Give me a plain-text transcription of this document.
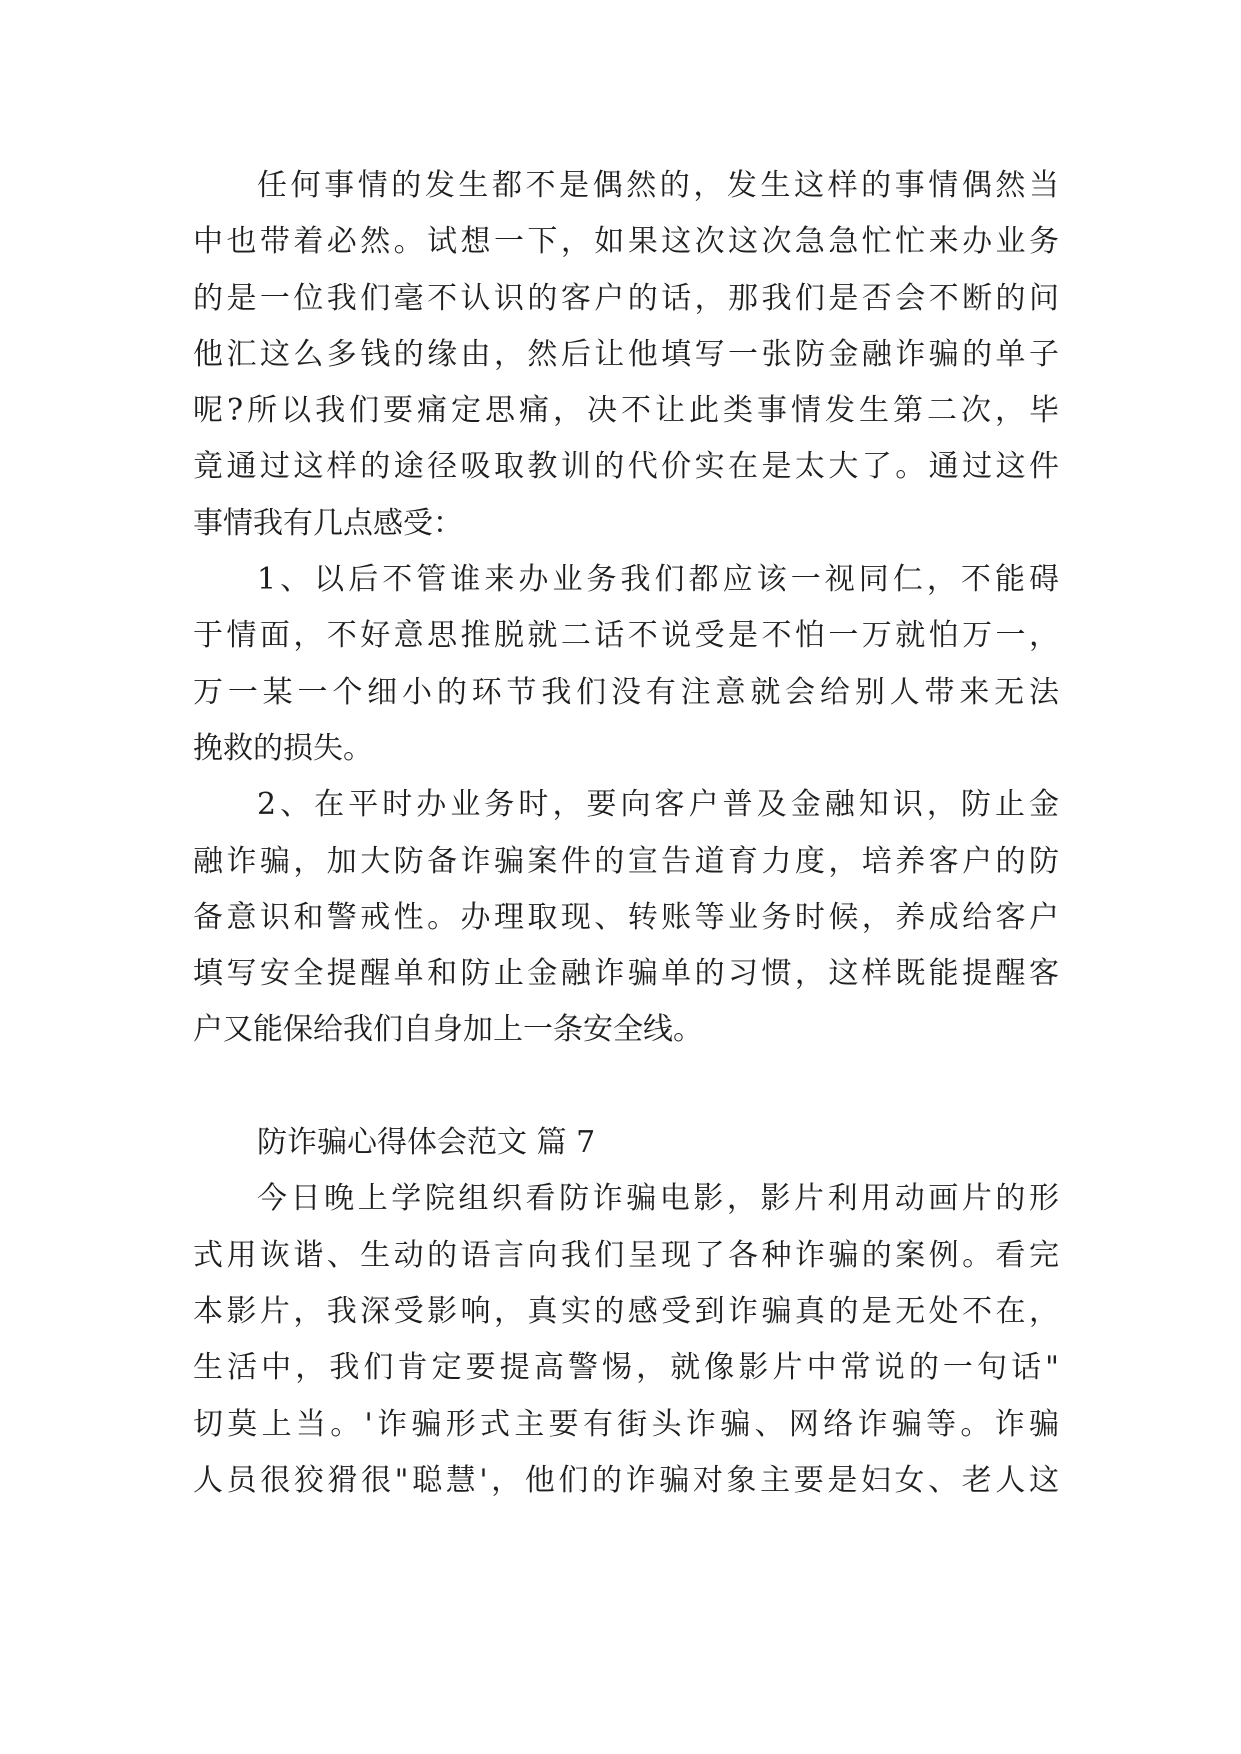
任何事情的发生都不是偶然的，发生这样的事情偶然当
中也带着必然。试想一下，如果这次这次急急忙忙来办业务
的是一位我们毫不认识的客户的话，那我们是否会不断的问
他汇这么多钱的缘由，然后让他填写一张防金融诈骗的单子
呢?所以我们要痛定思痛，决不让此类事情发生第二次，毕
竟通过这样的途径吸取教训的代价实在是太大了。通过这件
事情我有几点感受：
1、以后不管谁来办业务我们都应该一视同仁，不能碍
于情面，不好意思推脱就二话不说受是不怕一万就怕万一，
万一某一个细小的环节我们没有注意就会给别人带来无法
挽救的损失。
2、在平时办业务时，要向客户普及金融知识，防止金
融诈骗，加大防备诈骗案件的宣告道育力度，培养客户的防
备意识和警戒性。办理取现、转账等业务时候，养成给客户
填写安全提醒单和防止金融诈骗单的习惯，这样既能提醒客
户又能保给我们自身加上一条安全线。
防诈骗心得体会范文 篇 7
今日晚上学院组织看防诈骗电影，影片利用动画片的形
式用诙谐、生动的语言向我们呈现了各种诈骗的案例。看完
本影片，我深受影响，真实的感受到诈骗真的是无处不在，
生活中，我们肯定要提高警惕，就像影片中常说的一句话"
切莫上当。'诈骗形式主要有街头诈骗、网络诈骗等。诈骗
人员很狡猾很"聪慧'，他们的诈骗对象主要是妇女、老人这
